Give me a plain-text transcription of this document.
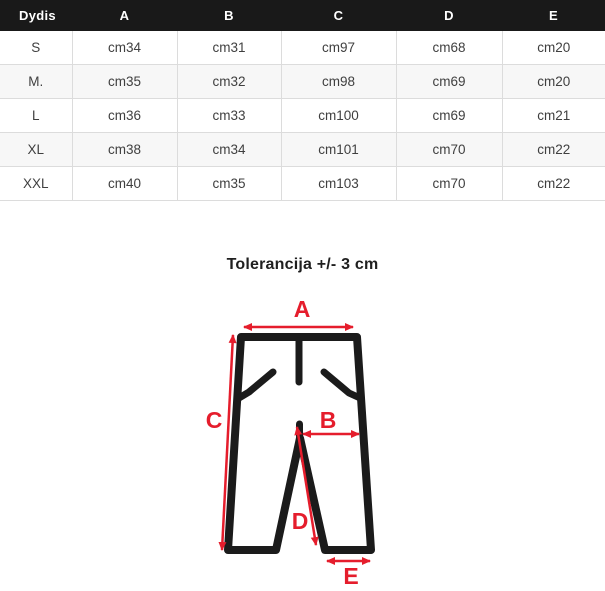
Dydis	A	B	C	D	E
S	cm34	cm31	cm97	cm68	cm20
M.	cm35	cm32	cm98	cm69	cm20
L	cm36	cm33	cm100	cm69	cm21
XL	cm38	cm34	cm101	cm70	cm22
XXL	cm40	cm35	cm103	cm70	cm22
Tolerancija +/- 3 cm
A
C	B
D
E
